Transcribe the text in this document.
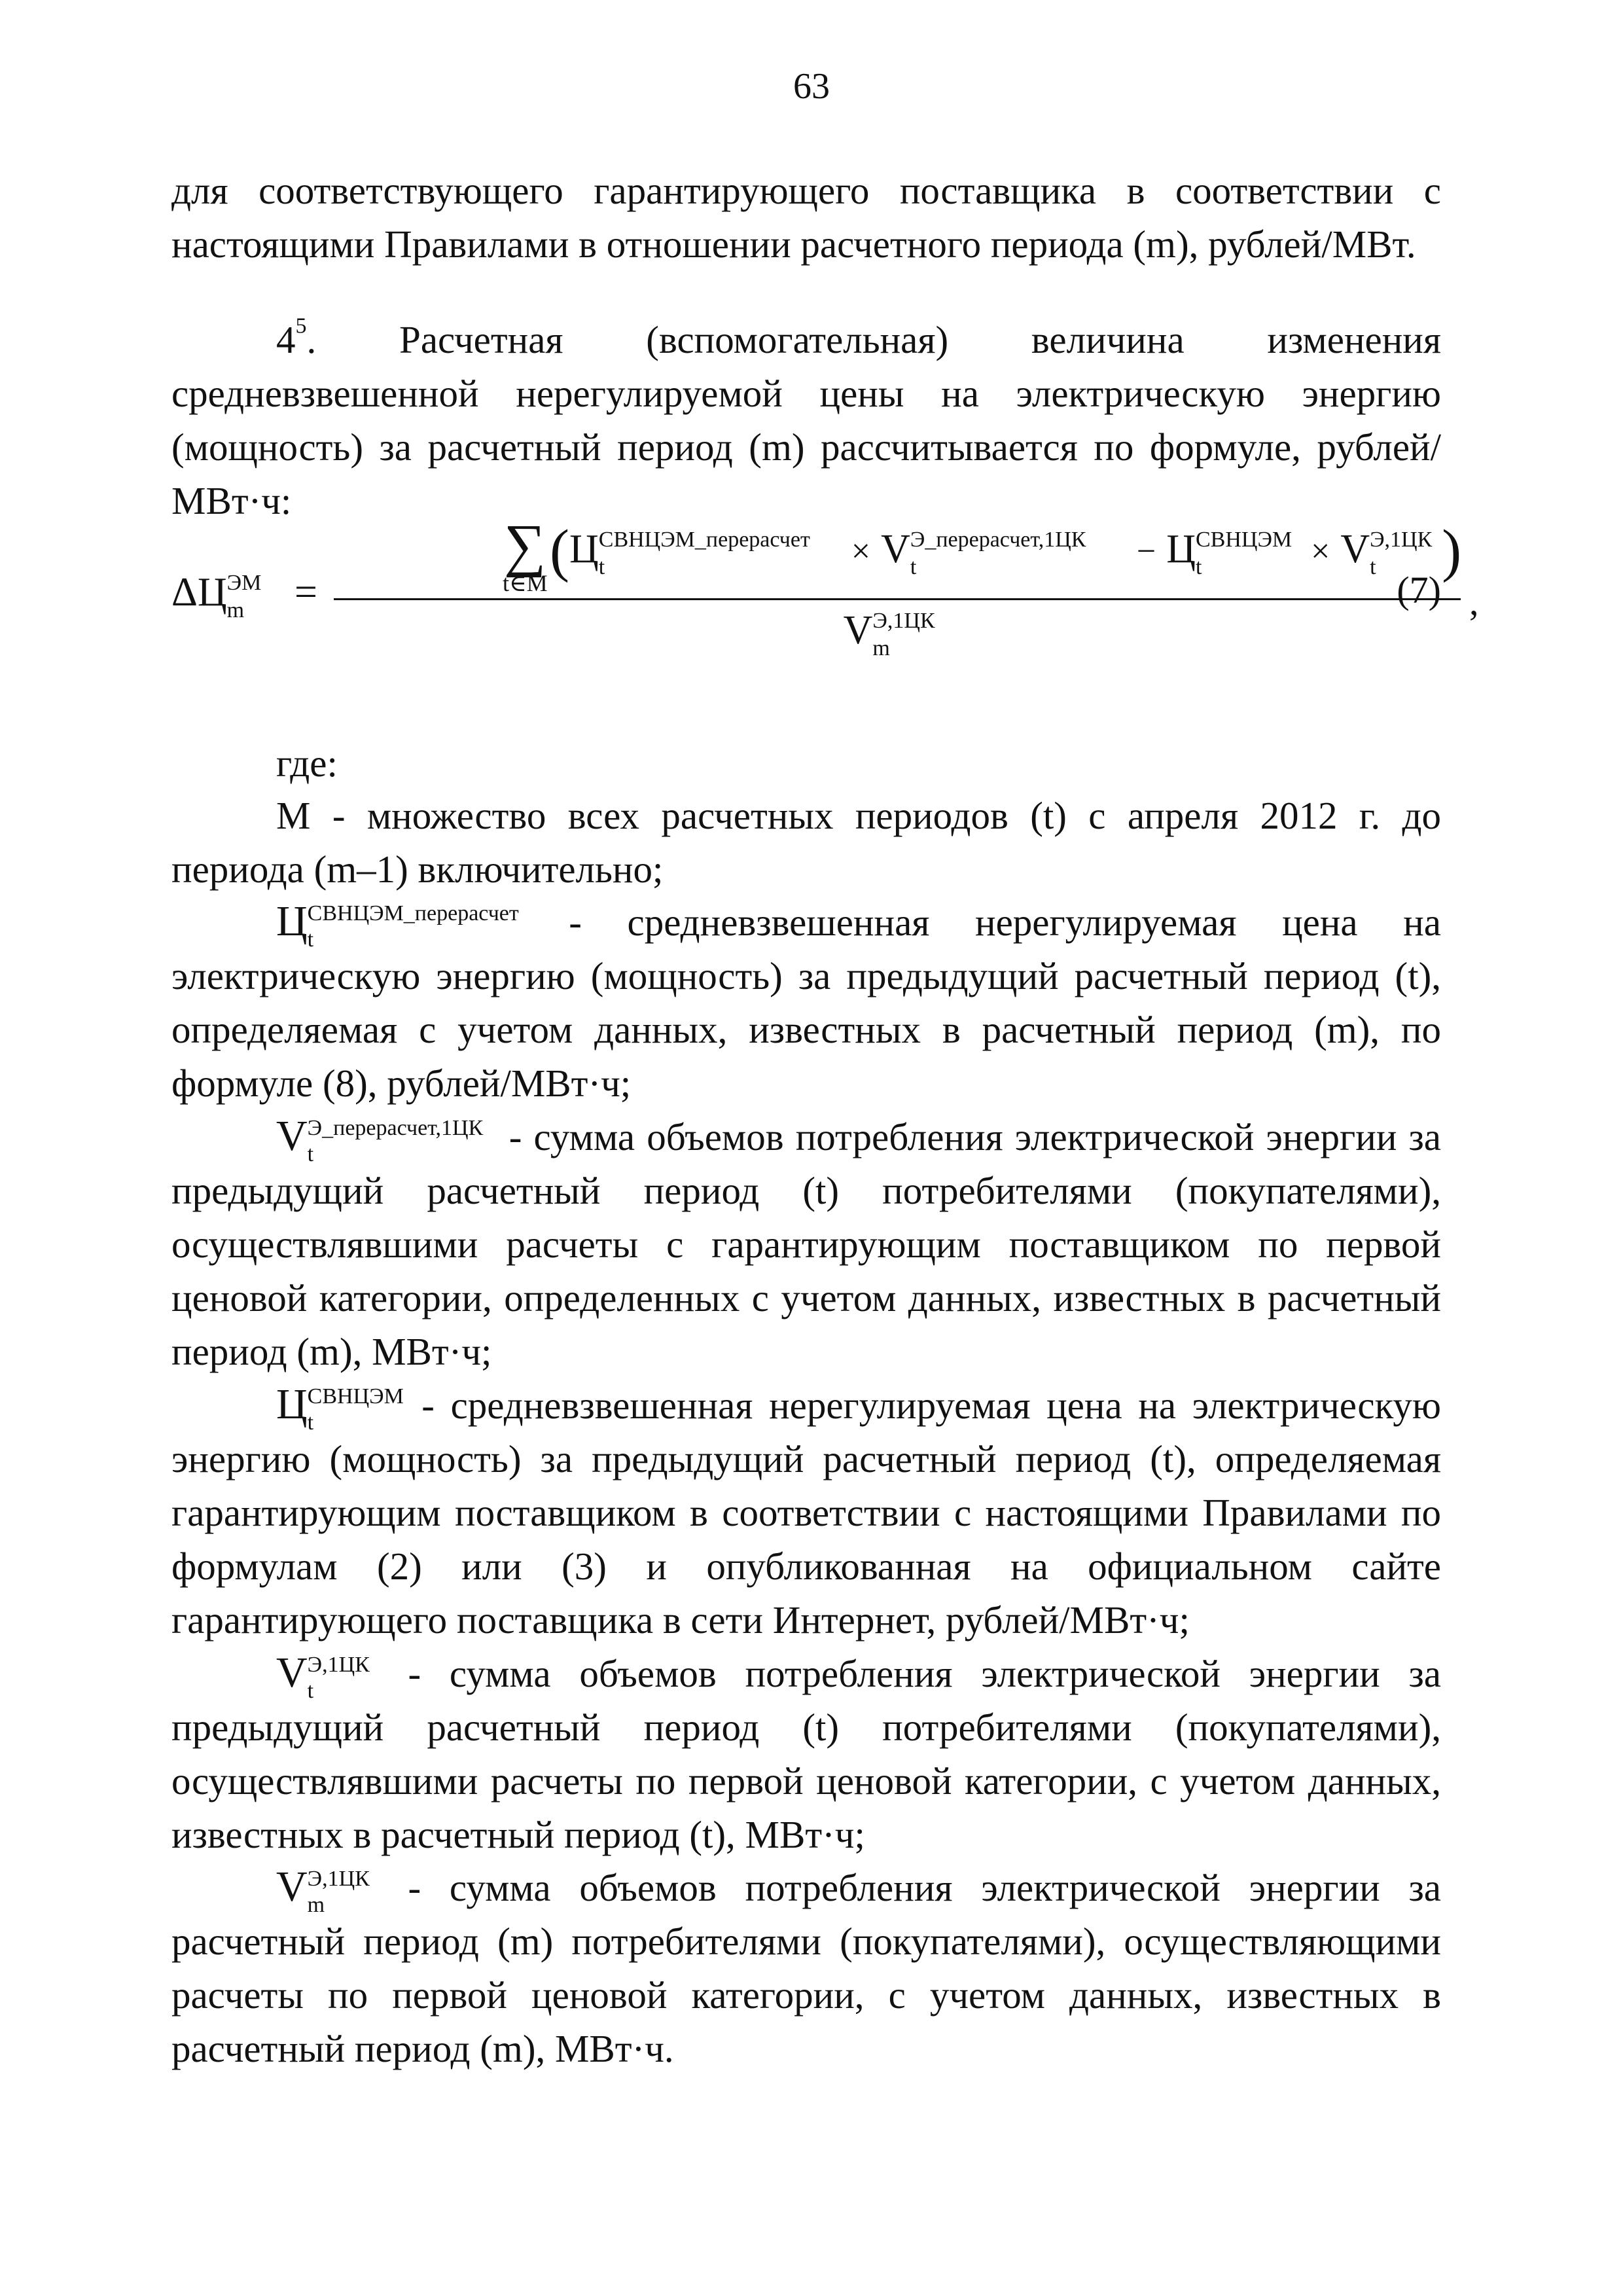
63

для соответствующего гарантирующего поставщика в соответствии с настоящими Правилами в отношении расчетного периода (m), рублей/МВт.

$4^5$. Расчетная (вспомогательная) величина изменения средневзвешенной нерегулируемой цены на электрическую энергию (мощность) за расчетный период (m) рассчитывается по формуле, рублей/МВт·ч:

ΔЦ ЭМ
m =
∑
t∈M (Ц СВНЦЭМ_перерасчет
t	× V Э_перерасчет,1ЦК
t	− Ц СВНЦЭМ
t	× V Э,1ЦК
t )
V Э,1ЦК
m
,
(7)

где:

М - множество всех расчетных периодов (t) с апреля 2012 г. до периода (m–1) включительно;

Ц СВНЦЭМ_перерасчет
t	- средневзвешенная нерегулируемая цена на электрическую энергию (мощность) за предыдущий расчетный период (t), определяемая с учетом данных, известных в расчетный период (m), по формуле (8), рублей/МВт·ч;

V Э_перерасчет,1ЦК
t	- сумма объемов потребления электрической энергии за предыдущий расчетный период (t) потребителями (покупателями), осуществлявшими расчеты с гарантирующим поставщиком по первой ценовой категории, определенных с учетом данных, известных в расчетный период (m), МВт·ч;

Ц СВНЦЭМ
t - средневзвешенная нерегулируемая цена на электрическую энергию (мощность) за предыдущий расчетный период (t), определяемая гарантирующим поставщиком в соответствии с настоящими Правилами по формулам (2) или (3) и опубликованная на официальном сайте гарантирующего поставщика в сети Интернет, рублей/МВт·ч;

V Э,1ЦК
t - сумма объемов потребления электрической энергии за предыдущий расчетный период (t) потребителями (покупателями), осуществлявшими расчеты по первой ценовой категории, с учетом данных, известных в расчетный период (t), МВт·ч;

V Э,1ЦК
m - сумма объемов потребления электрической энергии за расчетный период (m) потребителями (покупателями), осуществляющими расчеты по первой ценовой категории, с учетом данных, известных в расчетный период (m), МВт·ч.
